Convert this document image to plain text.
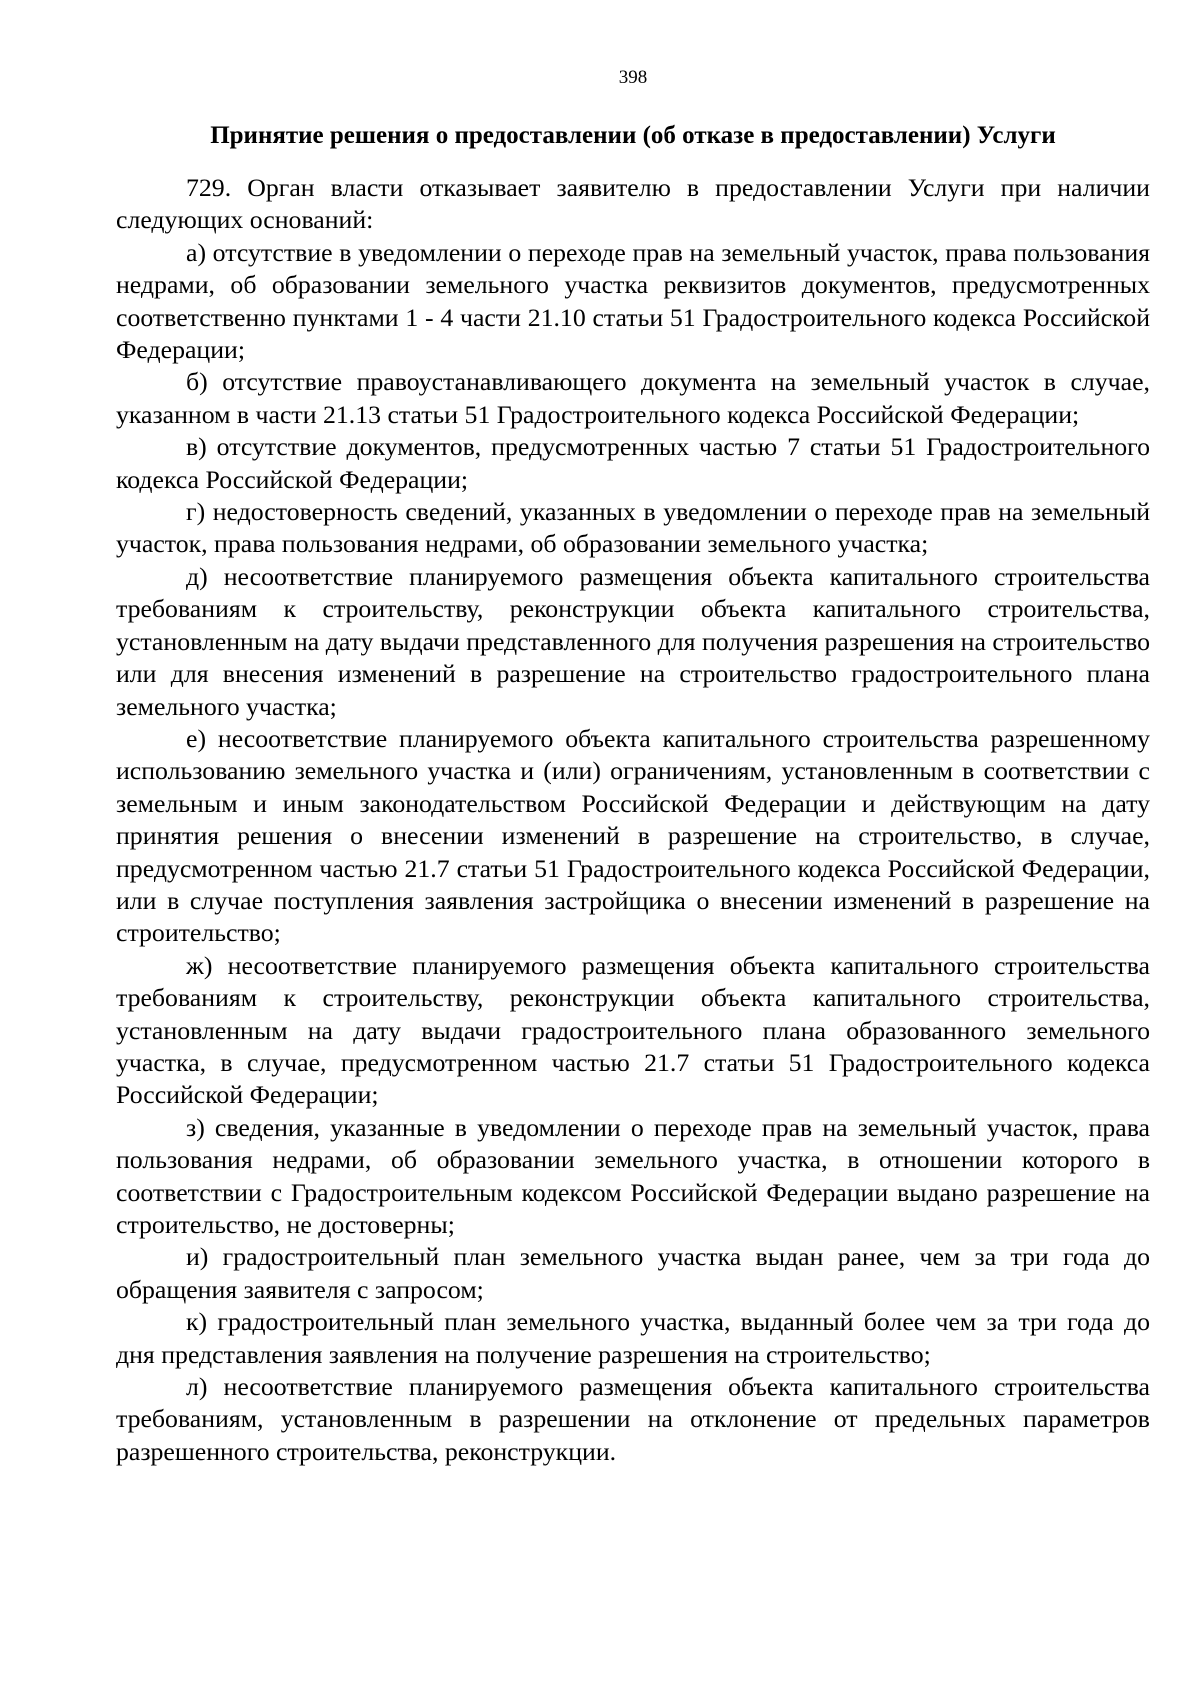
398
Принятие решения о предоставлении (об отказе в предоставлении) Услуги

729. Орган власти отказывает заявителю в предоставлении Услуги при наличии следующих оснований:

а) отсутствие в уведомлении о переходе прав на земельный участок, права пользования недрами, об образовании земельного участка реквизитов документов, предусмотренных соответственно пунктами 1 - 4 части 21.10 статьи 51 Градостроительного кодекса Российской Федерации;

б) отсутствие правоустанавливающего документа на земельный участок в случае, указанном в части 21.13 статьи 51 Градостроительного кодекса Российской Федерации;

в) отсутствие документов, предусмотренных частью 7 статьи 51 Градостроительного кодекса Российской Федерации;

г) недостоверность сведений, указанных в уведомлении о переходе прав на земельный участок, права пользования недрами, об образовании земельного участка;

д) несоответствие планируемого размещения объекта капитального строительства требованиям к строительству, реконструкции объекта капитального строительства, установленным на дату выдачи представленного для получения разрешения на строительство или для внесения изменений в разрешение на строительство градостроительного плана земельного участка;

е) несоответствие планируемого объекта капитального строительства разрешенному использованию земельного участка и (или) ограничениям, установленным в соответствии с земельным и иным законодательством Российской Федерации и действующим на дату принятия решения о внесении изменений в разрешение на строительство, в случае, предусмотренном частью 21.7 статьи 51 Градостроительного кодекса Российской Федерации, или в случае поступления заявления застройщика о внесении изменений в разрешение на строительство;

ж) несоответствие планируемого размещения объекта капитального строительства требованиям к строительству, реконструкции объекта капитального строительства, установленным на дату выдачи градостроительного плана образованного земельного участка, в случае, предусмотренном частью 21.7 статьи 51 Градостроительного кодекса Российской Федерации;

з) сведения, указанные в уведомлении о переходе прав на земельный участок, права пользования недрами, об образовании земельного участка, в отношении которого в соответствии с Градостроительным кодексом Российской Федерации выдано разрешение на строительство, не достоверны;

и) градостроительный план земельного участка выдан ранее, чем за три года до обращения заявителя с запросом;

к) градостроительный план земельного участка, выданный более чем за три года до дня представления заявления на получение разрешения на строительство;

л) несоответствие планируемого размещения объекта капитального строительства требованиям, установленным в разрешении на отклонение от предельных параметров разрешенного строительства, реконструкции.
